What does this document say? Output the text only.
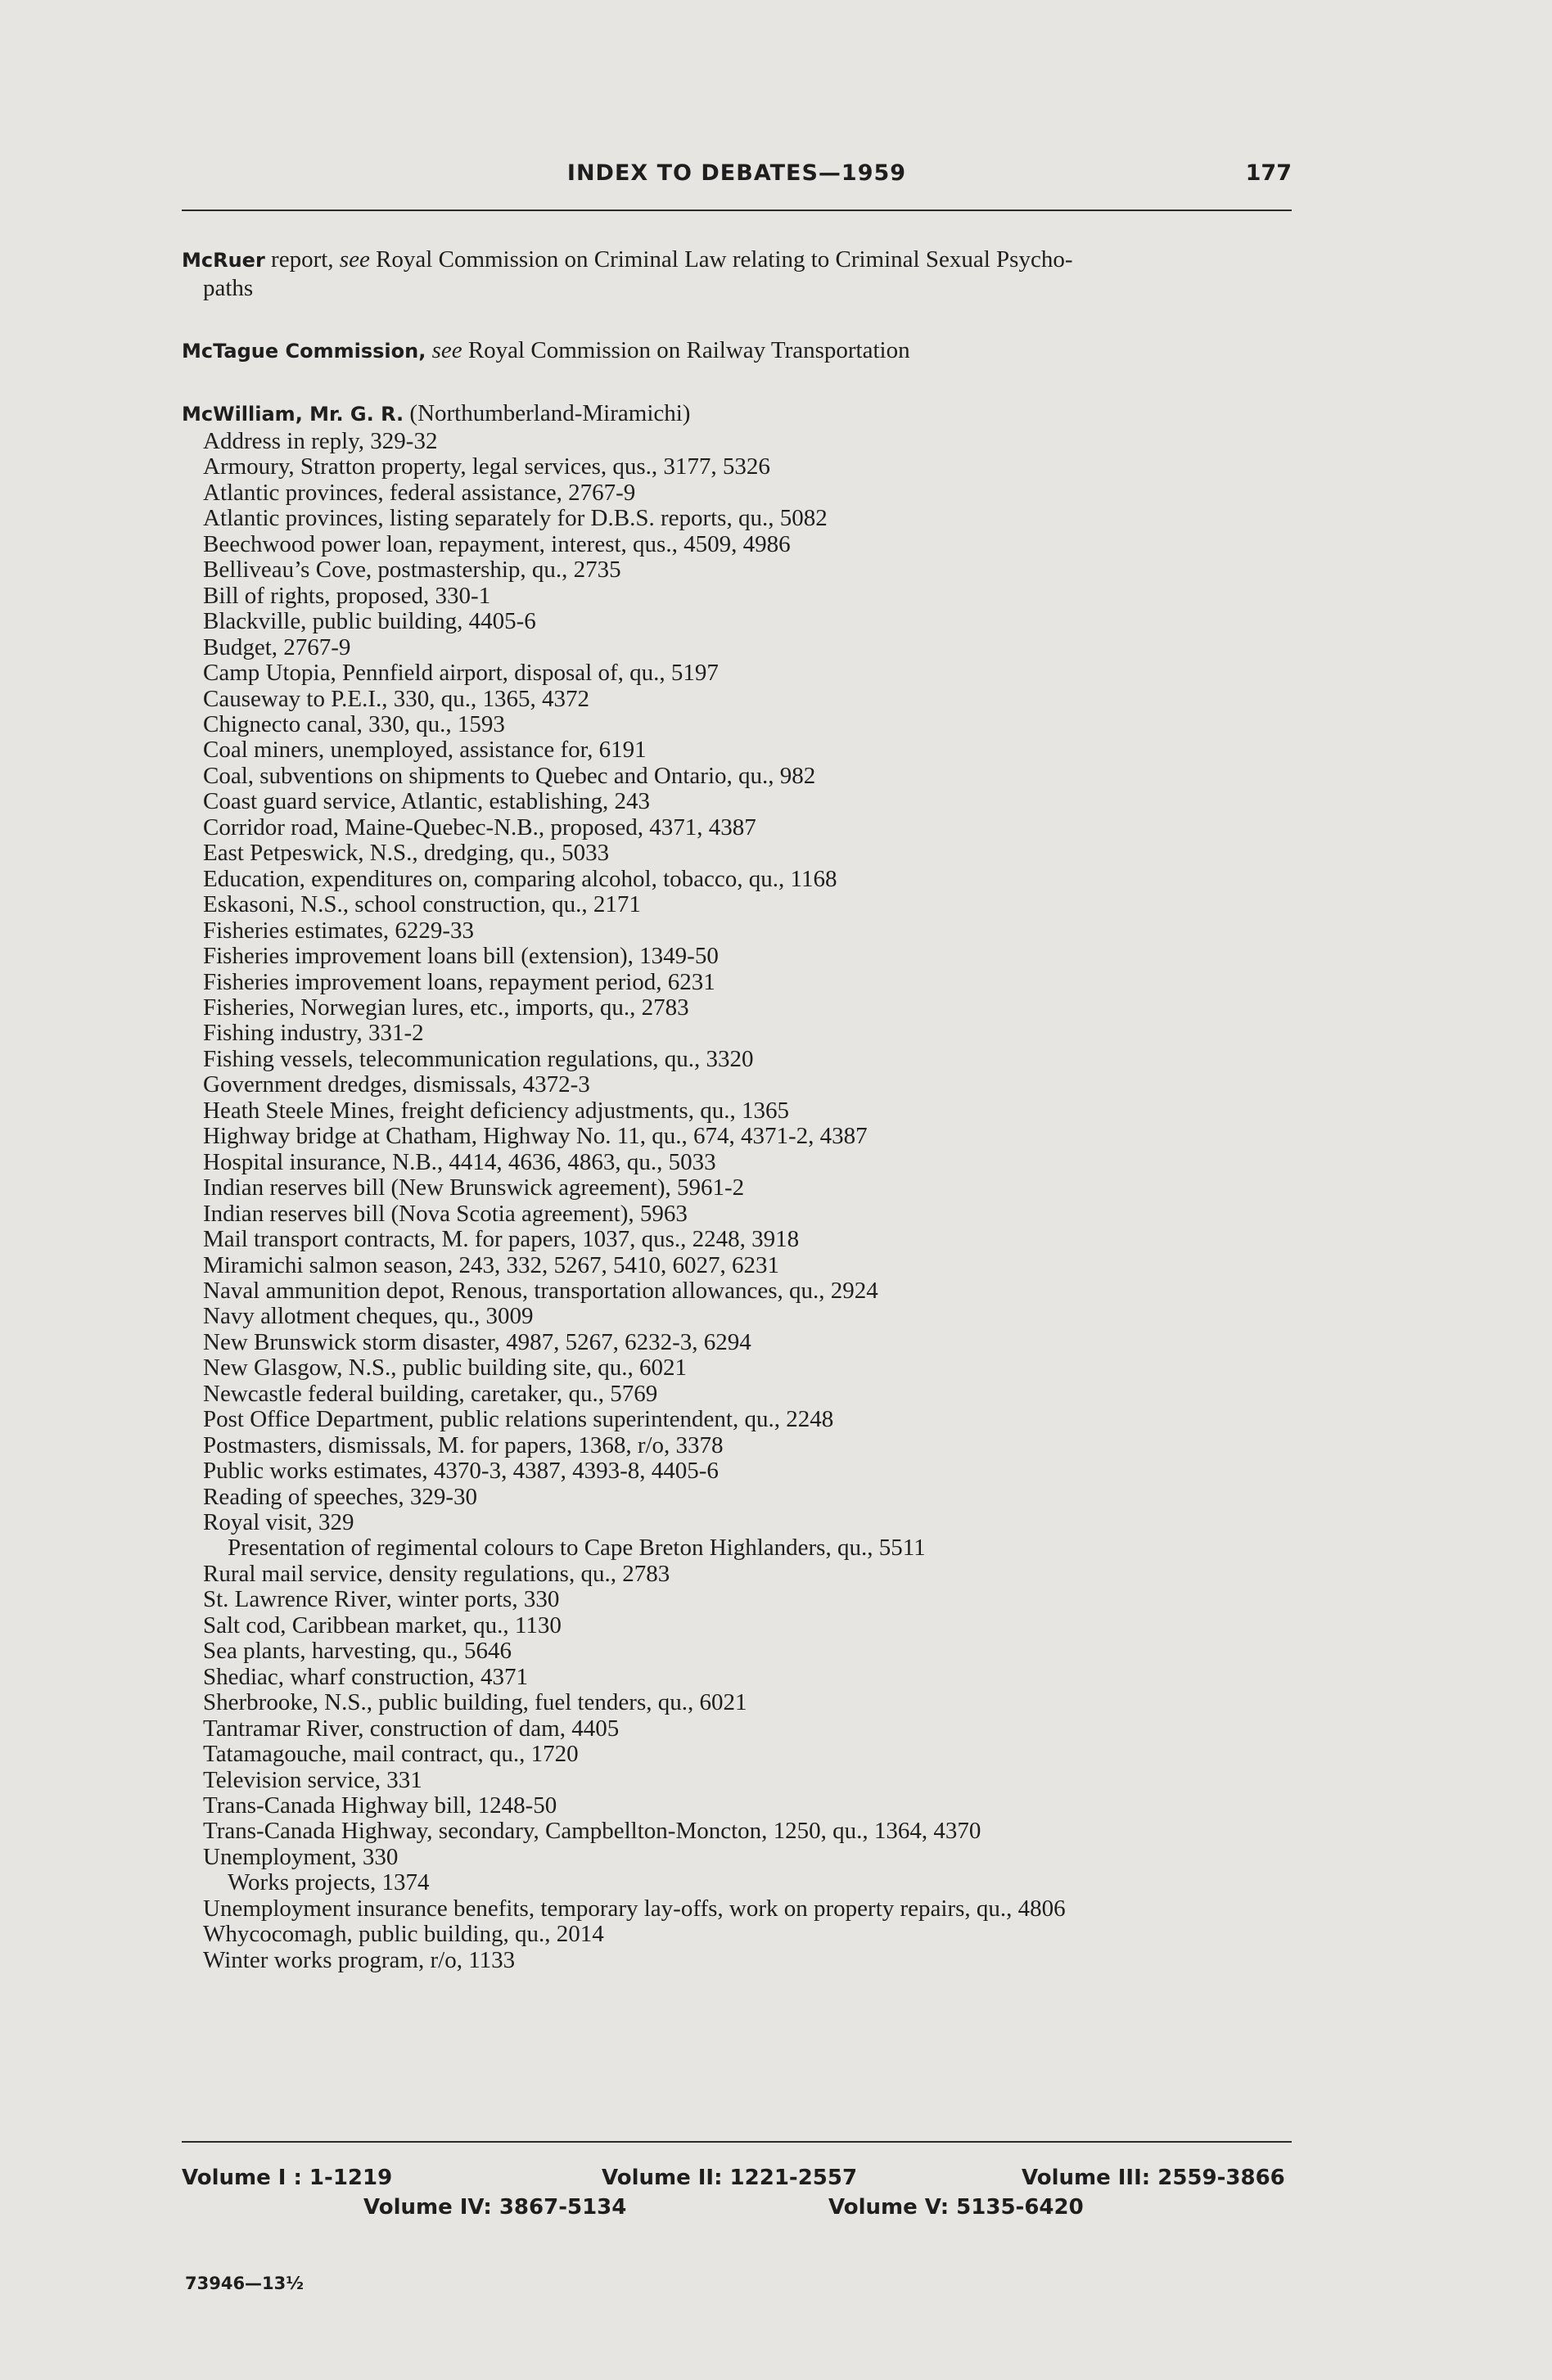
INDEX TO DEBATES—1959	177
McRuer report, see Royal Commission on Criminal Law relating to Criminal Sexual Psycho-
paths
McTague Commission, see Royal Commission on Railway Transportation
McWilliam, Mr. G. R. (Northumberland-Miramichi)
Address in reply, 329-32
Armoury, Stratton property, legal services, qus., 3177, 5326
Atlantic provinces, federal assistance, 2767-9
Atlantic provinces, listing separately for D.B.S. reports, qu., 5082
Beechwood power loan, repayment, interest, qus., 4509, 4986
Belliveau’s Cove, postmastership, qu., 2735
Bill of rights, proposed, 330-1
Blackville, public building, 4405-6
Budget, 2767-9
Camp Utopia, Pennfield airport, disposal of, qu., 5197
Causeway to P.E.I., 330, qu., 1365, 4372
Chignecto canal, 330, qu., 1593
Coal miners, unemployed, assistance for, 6191
Coal, subventions on shipments to Quebec and Ontario, qu., 982
Coast guard service, Atlantic, establishing, 243
Corridor road, Maine-Quebec-N.B., proposed, 4371, 4387
East Petpeswick, N.S., dredging, qu., 5033
Education, expenditures on, comparing alcohol, tobacco, qu., 1168
Eskasoni, N.S., school construction, qu., 2171
Fisheries estimates, 6229-33
Fisheries improvement loans bill (extension), 1349-50
Fisheries improvement loans, repayment period, 6231
Fisheries, Norwegian lures, etc., imports, qu., 2783
Fishing industry, 331-2
Fishing vessels, telecommunication regulations, qu., 3320
Government dredges, dismissals, 4372-3
Heath Steele Mines, freight deficiency adjustments, qu., 1365
Highway bridge at Chatham, Highway No. 11, qu., 674, 4371-2, 4387
Hospital insurance, N.B., 4414, 4636, 4863, qu., 5033
Indian reserves bill (New Brunswick agreement), 5961-2
Indian reserves bill (Nova Scotia agreement), 5963
Mail transport contracts, M. for papers, 1037, qus., 2248, 3918
Miramichi salmon season, 243, 332, 5267, 5410, 6027, 6231
Naval ammunition depot, Renous, transportation allowances, qu., 2924
Navy allotment cheques, qu., 3009
New Brunswick storm disaster, 4987, 5267, 6232-3, 6294
New Glasgow, N.S., public building site, qu., 6021
Newcastle federal building, caretaker, qu., 5769
Post Office Department, public relations superintendent, qu., 2248
Postmasters, dismissals, M. for papers, 1368, r/o, 3378
Public works estimates, 4370-3, 4387, 4393-8, 4405-6
Reading of speeches, 329-30
Royal visit, 329
Presentation of regimental colours to Cape Breton Highlanders, qu., 5511
Rural mail service, density regulations, qu., 2783
St. Lawrence River, winter ports, 330
Salt cod, Caribbean market, qu., 1130
Sea plants, harvesting, qu., 5646
Shediac, wharf construction, 4371
Sherbrooke, N.S., public building, fuel tenders, qu., 6021
Tantramar River, construction of dam, 4405
Tatamagouche, mail contract, qu., 1720
Television service, 331
Trans-Canada Highway bill, 1248-50
Trans-Canada Highway, secondary, Campbellton-Moncton, 1250, qu., 1364, 4370
Unemployment, 330
Works projects, 1374
Unemployment insurance benefits, temporary lay-offs, work on property repairs, qu., 4806
Whycocomagh, public building, qu., 2014
Winter works program, r/o, 1133
Volume I : 1-1219	Volume II: 1221-2557	Volume III: 2559-3866
Volume IV: 3867-5134	Volume V: 5135-6420
73946—13½
